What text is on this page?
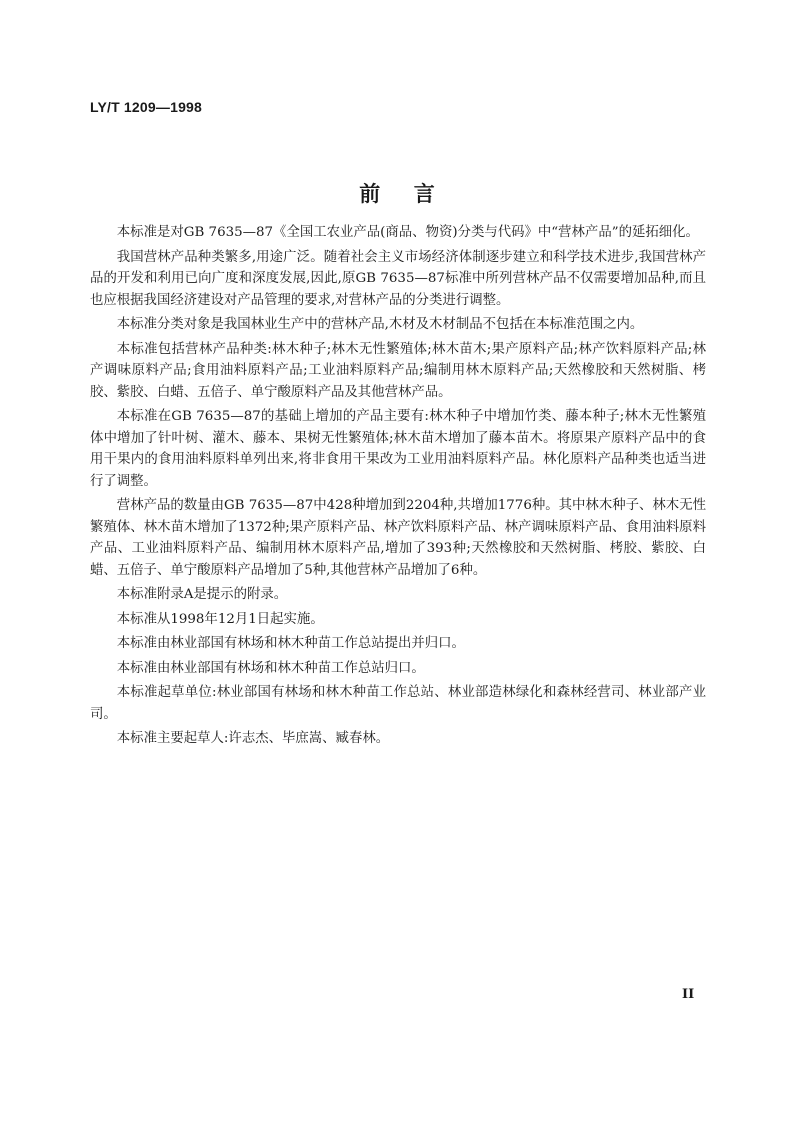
LY/T 1209—1998

前言

本标准是对GB 7635—87《全国工农业产品(商品、物资)分类与代码》中“营林产品”的延拓细化。

我国营林产品种类繁多,用途广泛。随着社会主义市场经济体制逐步建立和科学技术进步,我国营林产品的开发和利用已向广度和深度发展,因此,原GB 7635—87标准中所列营林产品不仅需要增加品种,而且也应根据我国经济建设对产品管理的要求,对营林产品的分类进行调整。

本标准分类对象是我国林业生产中的营林产品,木材及木材制品不包括在本标准范围之内。

本标准包括营林产品种类:林木种子;林木无性繁殖体;林木苗木;果产原料产品;林产饮料原料产品;林产调味原料产品;食用油料原料产品;工业油料原料产品;编制用林木原料产品;天然橡胶和天然树脂、栲胶、紫胶、白蜡、五倍子、单宁酸原料产品及其他营林产品。

本标准在GB 7635—87的基础上增加的产品主要有:林木种子中增加竹类、藤本种子;林木无性繁殖体中增加了针叶树、灌木、藤本、果树无性繁殖体;林木苗木增加了藤本苗木。将原果产原料产品中的食用干果内的食用油料原料单列出来,将非食用干果改为工业用油料原料产品。林化原料产品种类也适当进行了调整。

营林产品的数量由GB 7635—87中428种增加到2204种,共增加1776种。其中林木种子、林木无性繁殖体、林木苗木增加了1372种;果产原料产品、林产饮料原料产品、林产调味原料产品、食用油料原料产品、工业油料原料产品、编制用林木原料产品,增加了393种;天然橡胶和天然树脂、栲胶、紫胶、白蜡、五倍子、单宁酸原料产品增加了5种,其他营林产品增加了6种。

本标准附录A是提示的附录。

本标准从1998年12月1日起实施。

本标准由林业部国有林场和林木种苗工作总站提出并归口。

本标准由林业部国有林场和林木种苗工作总站归口。

本标准起草单位:林业部国有林场和林木种苗工作总站、林业部造林绿化和森林经营司、林业部产业司。

本标准主要起草人:许志杰、毕庶嵩、臧春林。

II
